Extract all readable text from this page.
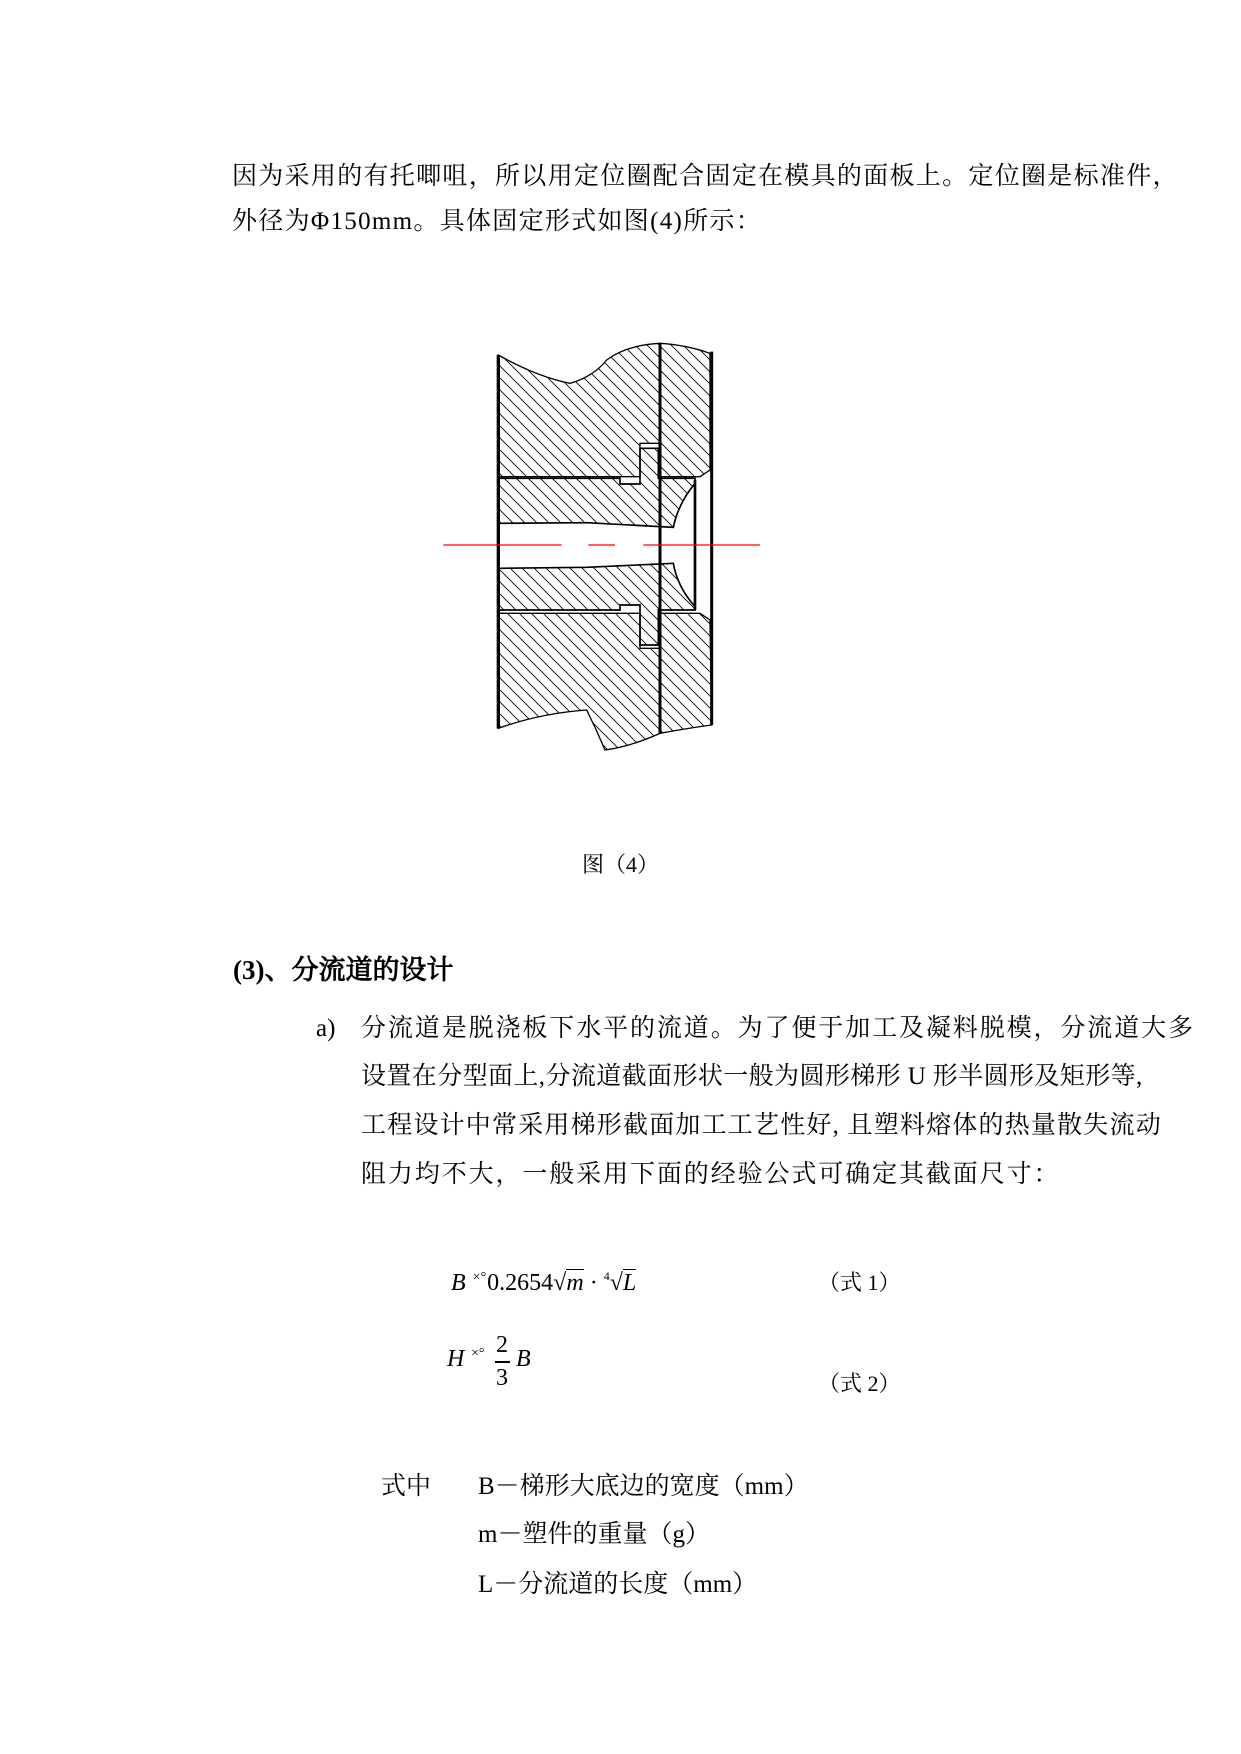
因为采用的有托唧咀，所以用定位圈配合固定在模具的面板上。定位圈是标准件，
外径为Φ150mm。具体固定形式如图(4)所示：
图（4）
(3)、分流道的设计
a) 分流道是脱浇板下水平的流道。为了便于加工及凝料脱模，分流道大多
设置在分型面上,分流道截面形状一般为圆形梯形 U 形半圆形及矩形等,
工程设计中常采用梯形截面加工工艺性好, 且塑料熔体的热量散失流动
阻力均不大，一般采用下面的经验公式可确定其截面尺寸：
B ×°0.2654√m · $^4$√L	（式 1）
H ×° 2
3
B
（式 2）
式中 B－梯形大底边的宽度（mm）
m－塑件的重量（g）
L－分流道的长度（mm）
